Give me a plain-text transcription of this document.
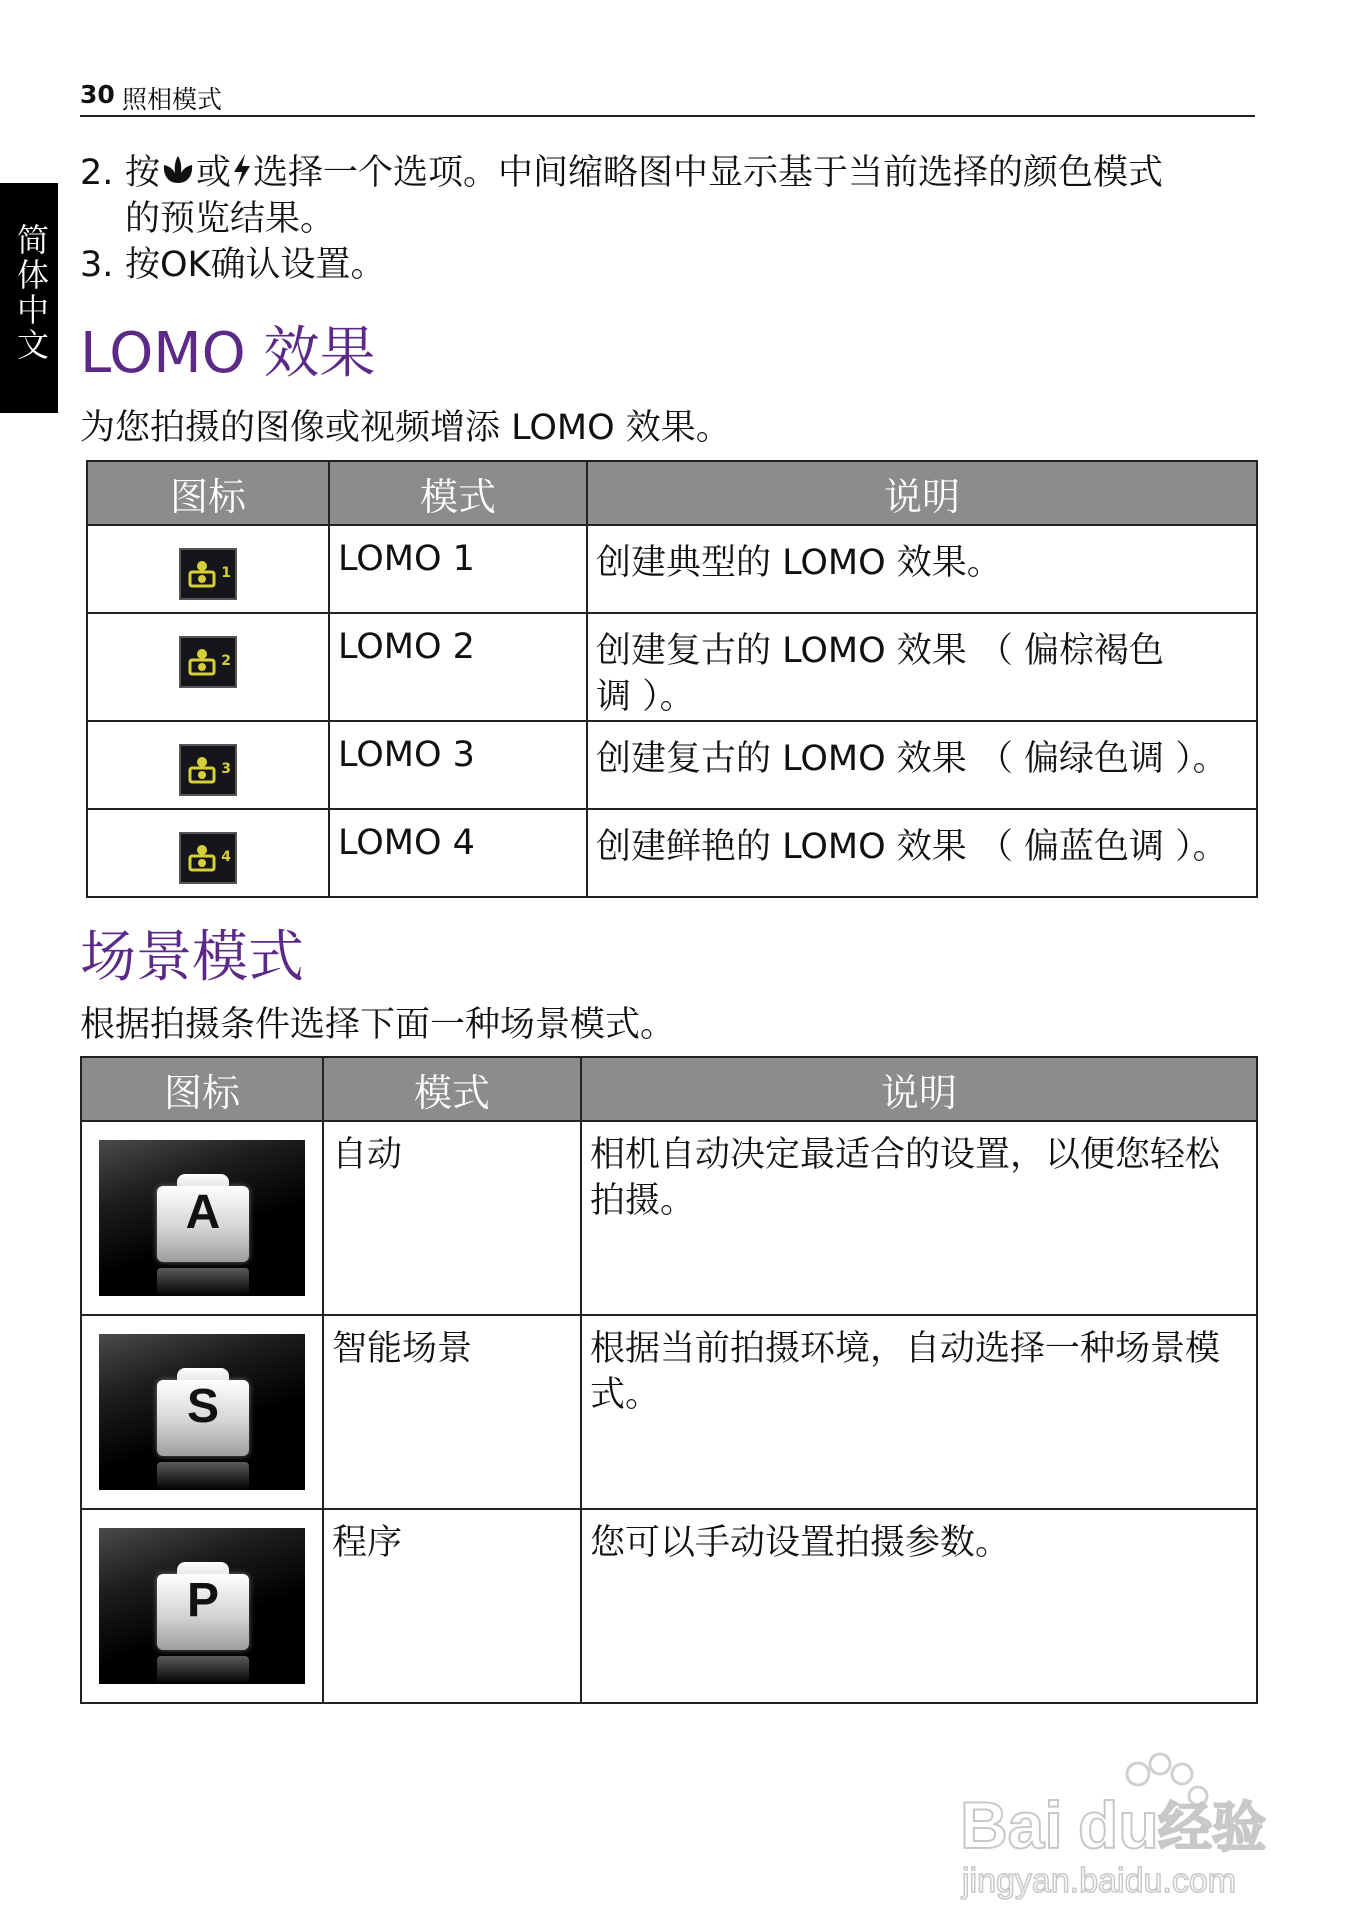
30 照相模式
简体中文
2. 按 或 选择一个选项。中间缩略图中显示基于当前选择的颜色模式
的预览结果。
3. 按OK确认设置。
LOMO 效果
为您拍摄的图像或视频增添 LOMO 效果。
图标	模式	说明

1	LOMO 1	创建典型的 LOMO 效果。

2	LOMO 2	创建复古的 LOMO 效果 （ 偏棕褐色调 ）。

3	LOMO 3	创建复古的 LOMO 效果 （ 偏绿色调 ）。

4	LOMO 4	创建鲜艳的 LOMO 效果 （ 偏蓝色调 ）。
场景模式
根据拍摄条件选择下面一种场景模式。
图标	模式	说明

A	自动	相机自动决定最适合的设置，以便您轻松拍摄。

S	智能场景	根据当前拍摄环境，自动选择一种场景模式。

P	程序	您可以手动设置拍摄参数。
Bai du 经验
jingyan.baidu.com
